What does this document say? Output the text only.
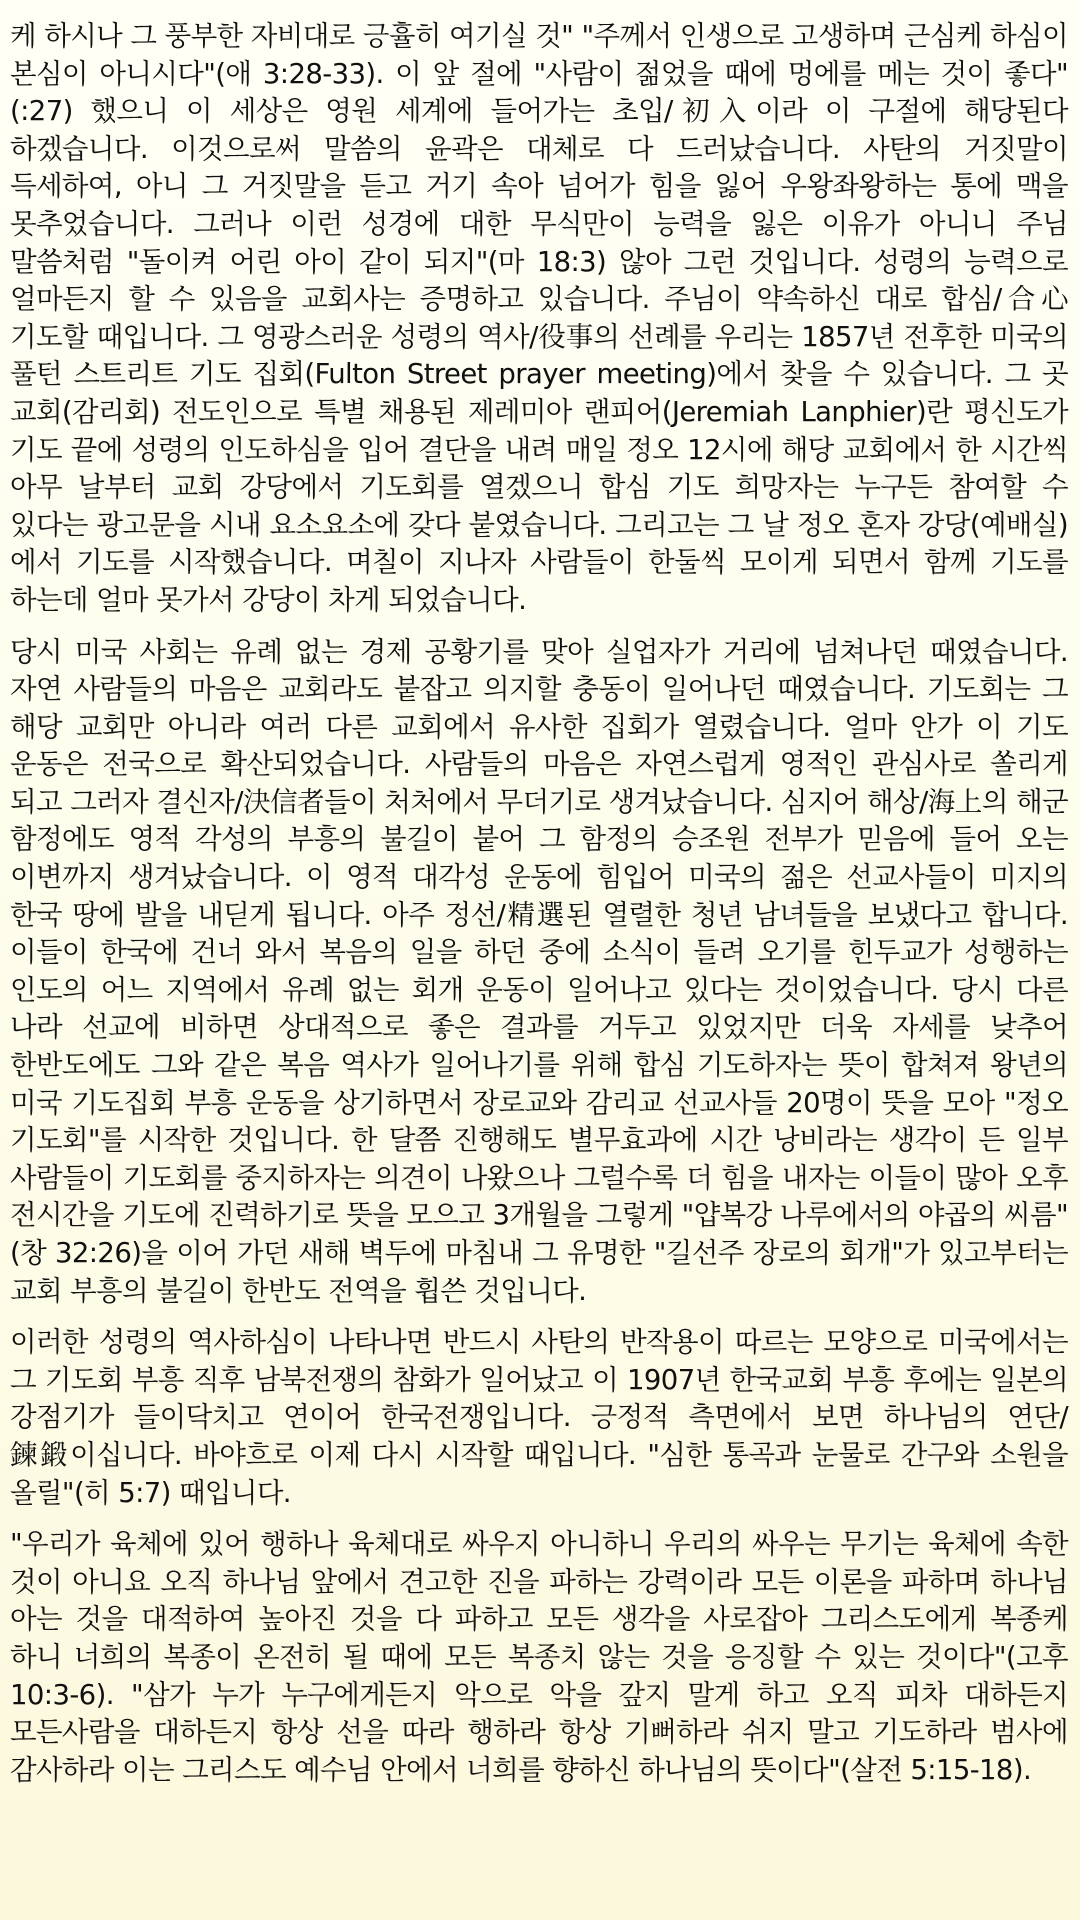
케 하시나 그 풍부한 자비대로 긍휼히 여기실 것" "주께서 인생으로 고생하며 근심케 하심이 본심이 아니시다"(애 3:28-33). 이 앞 절에 "사람이 젊었을 때에 멍에를 메는 것이 좋다"(:27) 했으니 이 세상은 영원 세계에 들어가는 초입/初入이라 이 구절에 해당된다 하겠습니다. 이것으로써 말씀의 윤곽은 대체로 다 드러났습니다. 사탄의 거짓말이 득세하여, 아니 그 거짓말을 듣고 거기 속아 넘어가 힘을 잃어 우왕좌왕하는 통에 맥을 못추었습니다. 그러나 이런 성경에 대한 무식만이 능력을 잃은 이유가 아니니 주님 말씀처럼 "돌이켜 어린 아이 같이 되지"(마 18:3) 않아 그런 것입니다. 성령의 능력으로 얼마든지 할 수 있음을 교회사는 증명하고 있습니다. 주님이 약속하신 대로 합심/合心 기도할 때입니다. 그 영광스러운 성령의 역사/役事의 선례를 우리는 1857년 전후한 미국의 풀턴 스트리트 기도 집회(Fulton Street prayer meeting)에서 찾을 수 있습니다. 그 곳 교회(감리회) 전도인으로 특별 채용된 제레미아 랜피어(Jeremiah Lanphier)란 평신도가 기도 끝에 성령의 인도하심을 입어 결단을 내려 매일 정오 12시에 해당 교회에서 한 시간씩 아무 날부터 교회 강당에서 기도회를 열겠으니 합심 기도 희망자는 누구든 참여할 수 있다는 광고문을 시내 요소요소에 갖다 붙였습니다. 그리고는 그 날 정오 혼자 강당(예배실)에서 기도를 시작했습니다. 며칠이 지나자 사람들이 한둘씩 모이게 되면서 함께 기도를 하는데 얼마 못가서 강당이 차게 되었습니다.

당시 미국 사회는 유례 없는 경제 공황기를 맞아 실업자가 거리에 넘쳐나던 때였습니다. 자연 사람들의 마음은 교회라도 붙잡고 의지할 충동이 일어나던 때였습니다. 기도회는 그 해당 교회만 아니라 여러 다른 교회에서 유사한 집회가 열렸습니다. 얼마 안가 이 기도 운동은 전국으로 확산되었습니다. 사람들의 마음은 자연스럽게 영적인 관심사로 쏠리게 되고 그러자 결신자/決信者들이 처처에서 무더기로 생겨났습니다. 심지어 해상/海上의 해군 함정에도 영적 각성의 부흥의 불길이 붙어 그 함정의 승조원 전부가 믿음에 들어 오는 이변까지 생겨났습니다. 이 영적 대각성 운동에 힘입어 미국의 젊은 선교사들이 미지의 한국 땅에 발을 내딛게 됩니다. 아주 정선/精選된 열렬한 청년 남녀들을 보냈다고 합니다. 이들이 한국에 건너 와서 복음의 일을 하던 중에 소식이 들려 오기를 힌두교가 성행하는 인도의 어느 지역에서 유례 없는 회개 운동이 일어나고 있다는 것이었습니다. 당시 다른 나라 선교에 비하면 상대적으로 좋은 결과를 거두고 있었지만 더욱 자세를 낮추어 한반도에도 그와 같은 복음 역사가 일어나기를 위해 합심 기도하자는 뜻이 합쳐져 왕년의 미국 기도집회 부흥 운동을 상기하면서 장로교와 감리교 선교사들 20명이 뜻을 모아 "정오 기도회"를 시작한 것입니다. 한 달쯤 진행해도 별무효과에 시간 낭비라는 생각이 든 일부 사람들이 기도회를 중지하자는 의견이 나왔으나 그럴수록 더 힘을 내자는 이들이 많아 오후 전시간을 기도에 진력하기로 뜻을 모으고 3개월을 그렇게 "얍복강 나루에서의 야곱의 씨름"(창 32:26)을 이어 가던 새해 벽두에 마침내 그 유명한 "길선주 장로의 회개"가 있고부터는 교회 부흥의 불길이 한반도 전역을 휩쓴 것입니다.

이러한 성령의 역사하심이 나타나면 반드시 사탄의 반작용이 따르는 모양으로 미국에서는 그 기도회 부흥 직후 남북전쟁의 참화가 일어났고 이 1907년 한국교회 부흥 후에는 일본의 강점기가 들이닥치고 연이어 한국전쟁입니다. 긍정적 측면에서 보면 하나님의 연단/鍊鍛이십니다. 바야흐로 이제 다시 시작할 때입니다. "심한 통곡과 눈물로 간구와 소원을 올릴"(히 5:7) 때입니다.

"우리가 육체에 있어 행하나 육체대로 싸우지 아니하니 우리의 싸우는 무기는 육체에 속한 것이 아니요 오직 하나님 앞에서 견고한 진을 파하는 강력이라 모든 이론을 파하며 하나님 아는 것을 대적하여 높아진 것을 다 파하고 모든 생각을 사로잡아 그리스도에게 복종케 하니 너희의 복종이 온전히 될 때에 모든 복종치 않는 것을 응징할 수 있는 것이다"(고후 10:3-6). "삼가 누가 누구에게든지 악으로 악을 갚지 말게 하고 오직 피차 대하든지 모든사람을 대하든지 항상 선을 따라 행하라 항상 기뻐하라 쉬지 말고 기도하라 범사에 감사하라 이는 그리스도 예수님 안에서 너희를 향하신 하나님의 뜻이다"(살전 5:15-18).
